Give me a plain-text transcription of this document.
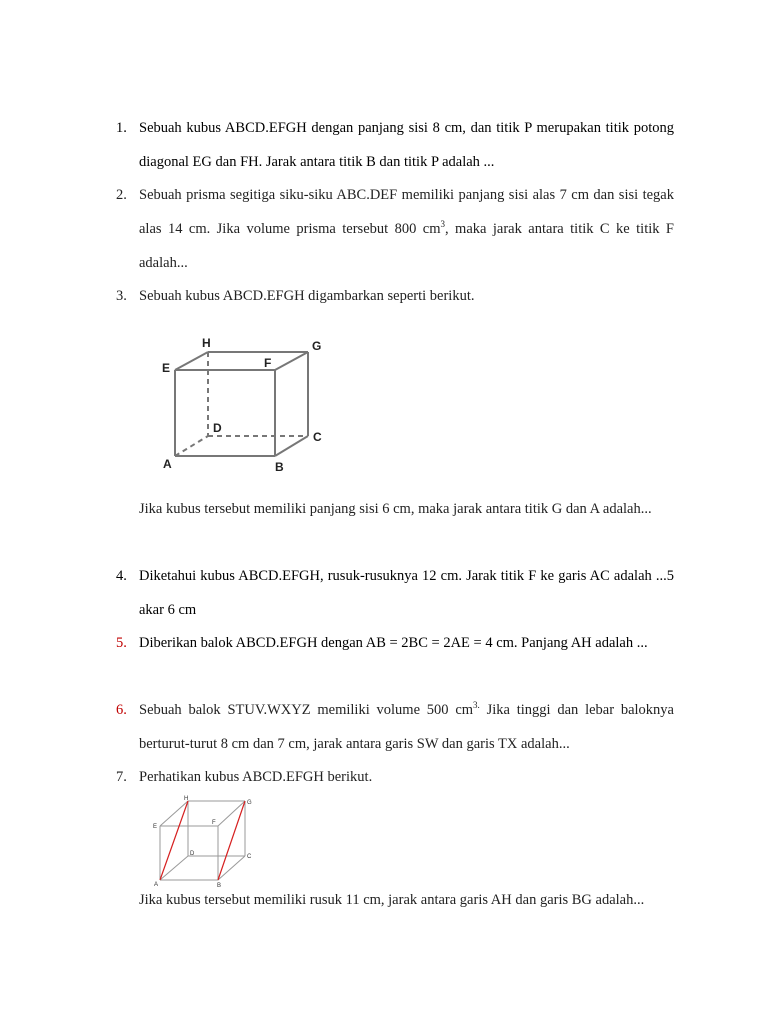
1. Sebuah kubus ABCD.EFGH dengan panjang sisi 8 cm, dan titik P merupakan titik potong diagonal EG dan FH. Jarak antara titik B dan titik P adalah ...
2. Sebuah prisma segitiga siku-siku ABC.DEF memiliki panjang sisi alas 7 cm dan sisi tegak alas 14 cm. Jika volume prisma tersebut 800 $cm^3$, maka jarak antara titik C ke titik F adalah...
3. Sebuah kubus ABCD.EFGH digambarkan seperti berikut.
H	G
E	F
D
C
A	B
Jika kubus tersebut memiliki panjang sisi 6 cm, maka jarak antara titik G dan A adalah...
4. Diketahui kubus ABCD.EFGH, rusuk-rusuknya 12 cm. Jarak titik F ke garis AC adalah ...5 akar 6 cm
5. Diberikan balok ABCD.EFGH dengan AB = 2BC = 2AE = 4 cm. Panjang AH adalah ...
6. Sebuah balok STUV.WXYZ memiliki volume 500 $cm^{3.}$ Jika tinggi dan lebar baloknya berturut-turut 8 cm dan 7 cm, jarak antara garis SW dan garis TX adalah...
7. Perhatikan kubus ABCD.EFGH berikut.
H
G
E
F
D	C
A	B
Jika kubus tersebut memiliki rusuk 11 cm, jarak antara garis AH dan garis BG adalah...
